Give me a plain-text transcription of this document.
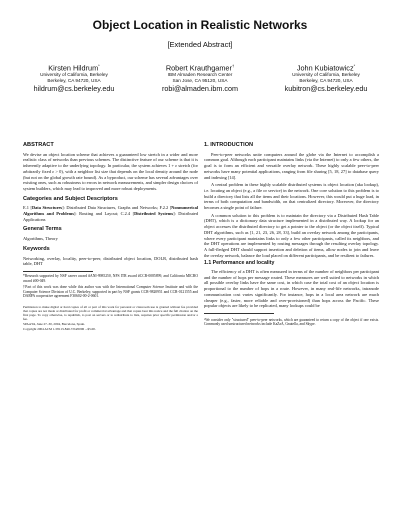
Object Location in Realistic Networks
[Extended Abstract]
Kirsten Hildrum*
University of California, Berkeley
Berkeley, CA 94720, USA
hildrum@cs.berkeley.edu
Robert Krauthgamer†
IBM Almaden Research Center
San Jose, CA 95120, USA
robi@almaden.ibm.com
John Kubiatowicz*
University of California, Berkeley
Berkeley, CA 94720, USA
kubitron@cs.berkeley.edu
ABSTRACT

We devise an object location scheme that achieves a guaranteed low stretch in a wider and more realistic class of networks than previous schemes. The distinctive feature of our scheme is that it is inherently adaptive to the underlying topology. In particular, the system achieves 1 + ε stretch (for arbitrarily fixed ε > 0), with a neighbor list size that depends on the local density around the node (but not on the global growth rate bound). As a byproduct, our scheme has several advantages over existing ones, such as robustness to errors in network measurements, and simpler design choices of system builders, which may lead to improved and more robust deployments.

Categories and Subject Descriptors

E.1 [Data Structures]: Distributed Data Structures, Graphs and Networks; F.2.2 [Nonnumerical Algorithms and Problems]: Routing and Layout; C.2.4 [Distributed Systems]: Distributed Applications

General Terms

Algorithms, Theory

Keywords

Networking, overlay, locality, peer-to-peer, distributed object location, DOLR, distributed hash table, DHT

*Research supported by NSF career award #ANI-9985250, NFS ITR award #CCR-0085899, and California MICRO award #00-049.
†Part of this work was done while this author was with the International Computer Science Institute and with the Computer Science Division of U.C. Berkeley, supported in part by NSF grants CCR-9820951 and CCR-0121555 and DARPA cooperative agreement F30602-00-2-0601.

Permission to make digital or hard copies of all or part of this work for personal or classroom use is granted without fee provided that copies are not made or distributed for profit or commercial advantage and that copies bear this notice and the full citation on the first page. To copy otherwise, to republish, to post on servers or to redistribute to lists, requires prior specific permission and/or a fee.

SPAA'04, June 27–30, 2004, Barcelona, Spain.

Copyright 2004 ACM 1-58113-840-7/04/0006 ...$5.00.

1. INTRODUCTION

Peer-to-peer networks unite computers around the globe via the Internet to accomplish a common goal. Although each participant maintains links (via the Internet) to only a few others, the goal is to form an efficient and versatile overlay network. These highly scalable peer-to-peer networks have many potential applications, ranging from file sharing [5, 18, 27] to database query and indexing [14].

A central problem in these highly scalable distributed systems is object location (aka lookup), i.e. locating an object (e.g., a file or service) in the network. One core solution to this problem is to build a directory that lists all the items and their locations. However, this would put a huge load, in terms of both computation and bandwidth, on that centralized directory. Moreover, the directory becomes a single point of failure.

A common solution to this problem is to maintain the directory via a Distributed Hash Table (DHT), which is a dictionary data structure implemented in a distributed way. A lookup for an object accesses the distributed directory to get a pointer to the object (or the object itself). Typical DHT algorithms, such as [1, 21, 23, 26, 28, 33], build an overlay network among the participants, where every participant maintains links to only a few other participants, called its neighbors, and the DHT operations are implemented by routing messages through the resulting overlay topology. A full-fledged DHT should support insertion and deletion of items, allow nodes to join and leave the overlay network, balance the load placed on different participants, and be resilient to failures.

1.1 Performance and locality

The efficiency of a DHT is often measured in terms of the number of neighbors per participant and the number of hops per message routed. These measures are well suited to networks in which all possible overlay links have the same cost, in which case the total cost of an object location is proportional to the number of hops in a route. However, in many real-life networks, intranode communication cost varies significantly. For instance, hops in a local area network are much cheaper (e.g., faster, more reliable and over-provisioned) than hops across the Pacific. These popular objects are likely to be replicated, many lookups could be

¹We consider only "structured" peer-to-peer networks, which are guaranteed to return a copy of the object if one exists. Commonly used unstructured networks include KaZaA, Gnutella, and Skype.
